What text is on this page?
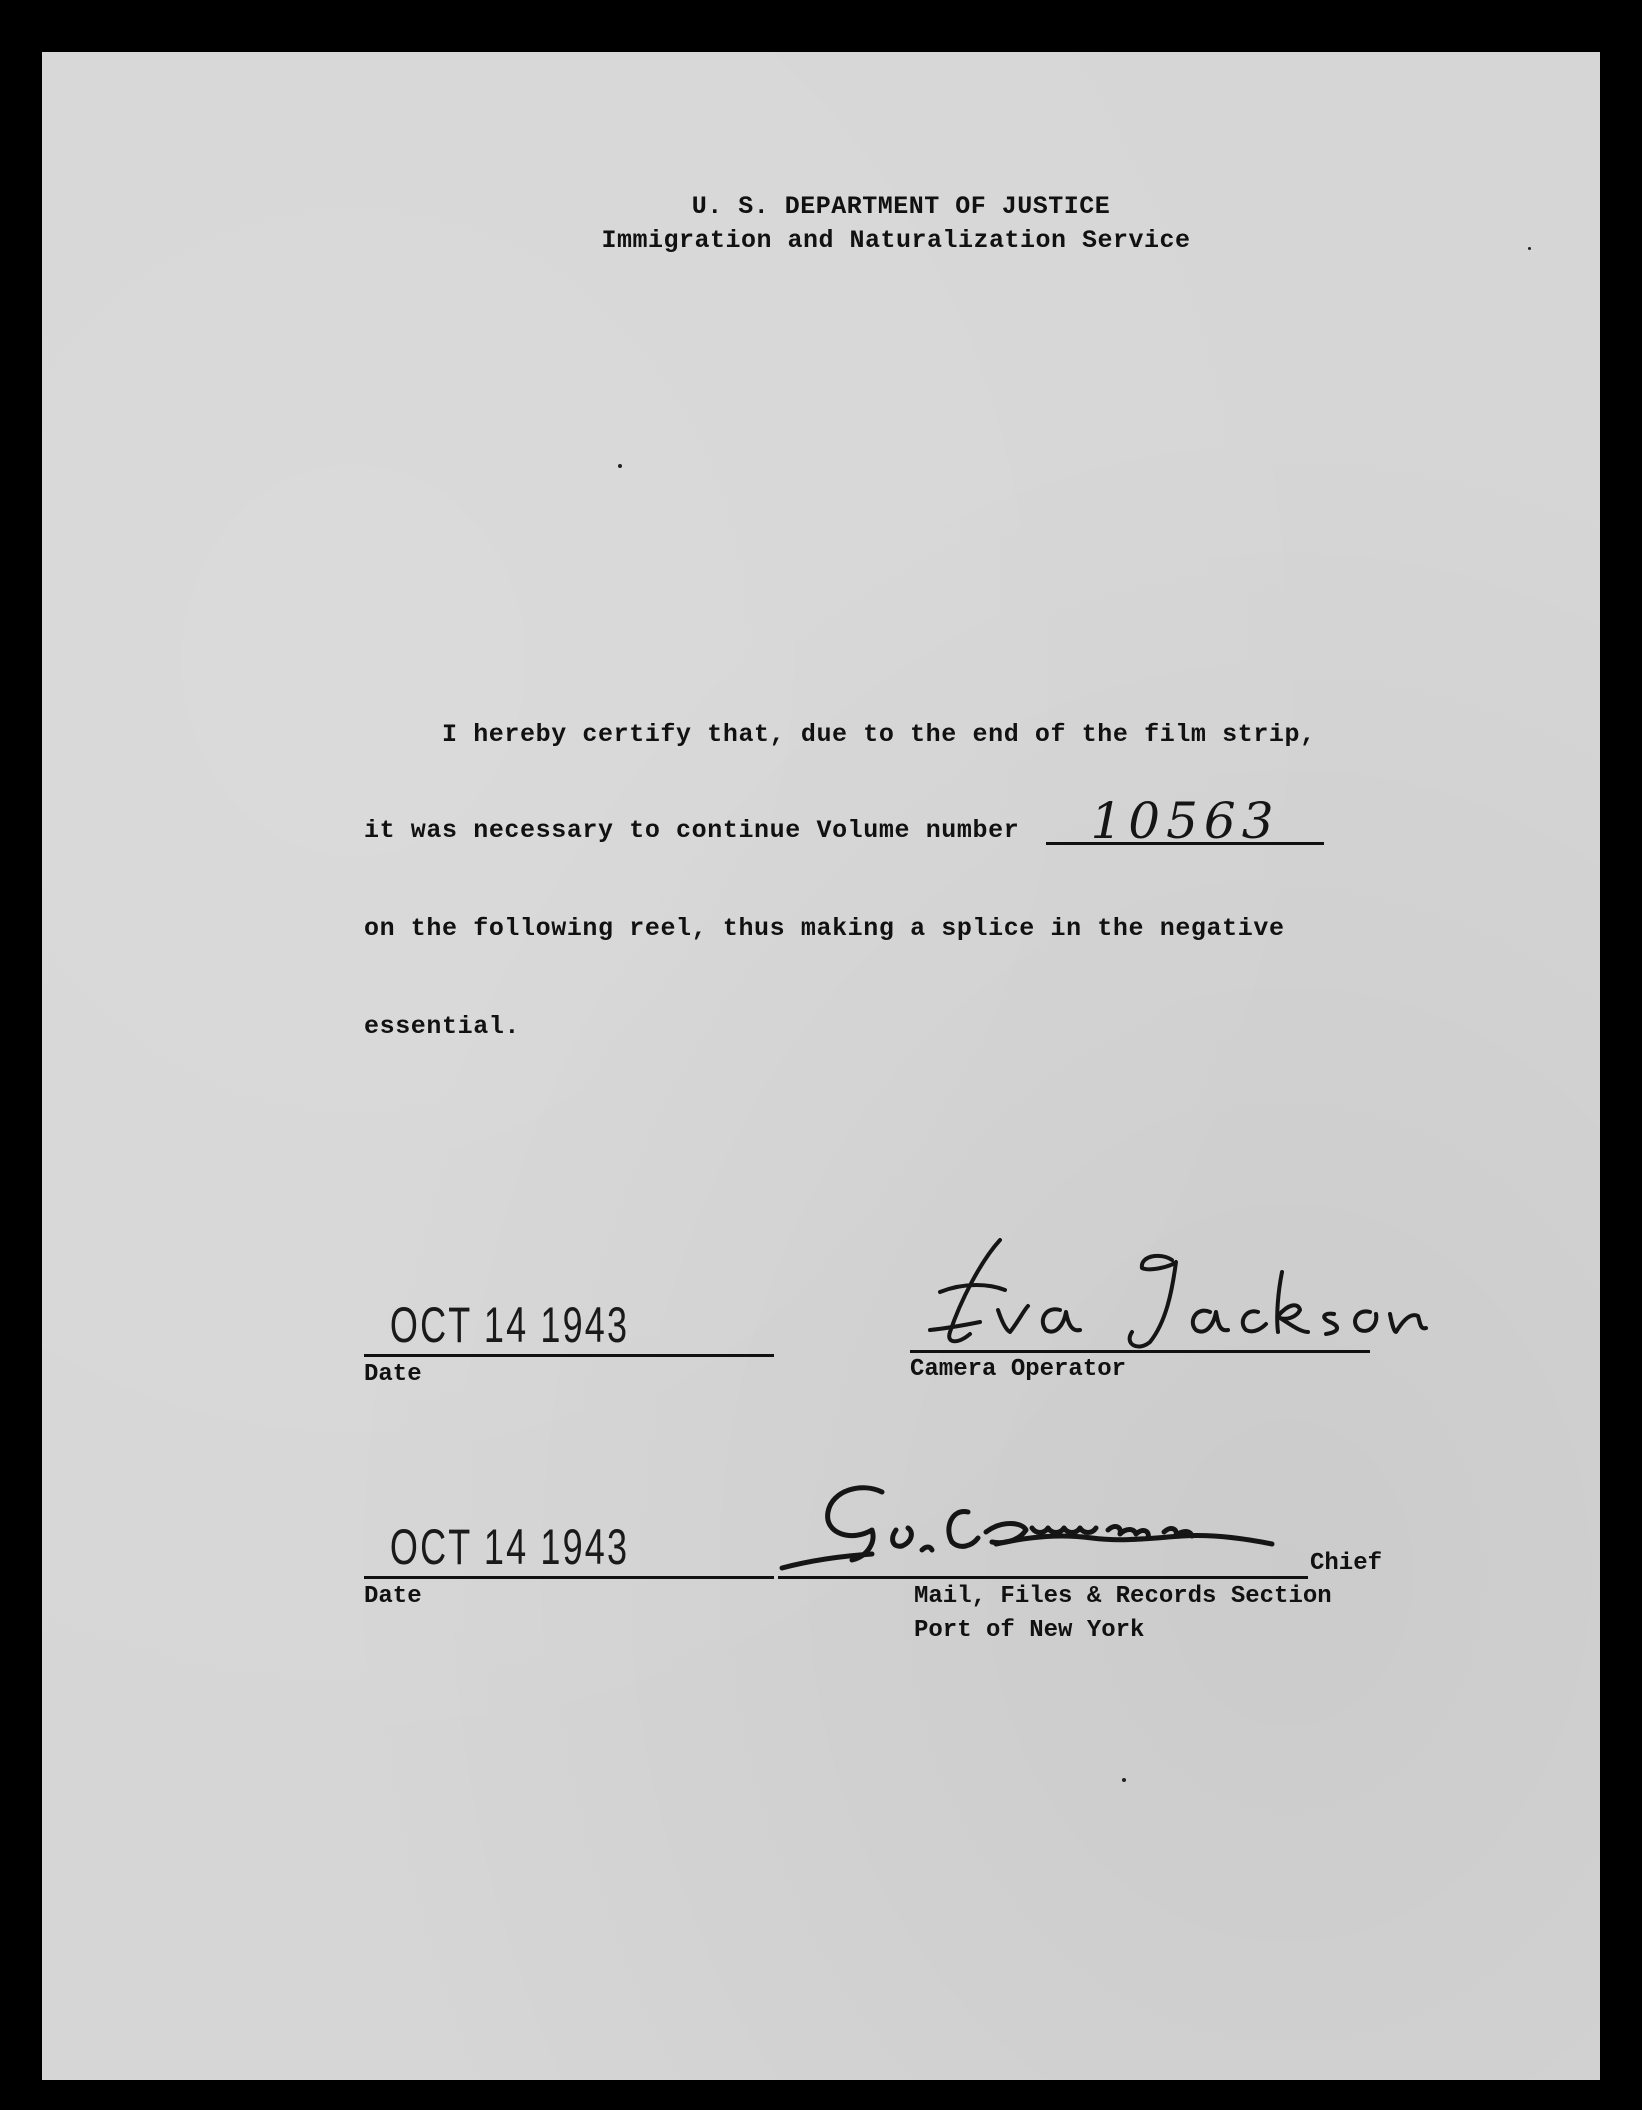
U. S. DEPARTMENT OF JUSTICE
Immigration and Naturalization Service
I hereby certify that, due to the end of the film strip,
it was necessary to continue Volume number	10563
on the following reel, thus making a splice in the negative
essential.
OCT 14 1943
Date	Camera Operator
OCT 14 1943
Date
Chief
Mail, Files & Records Section
Port of New York
